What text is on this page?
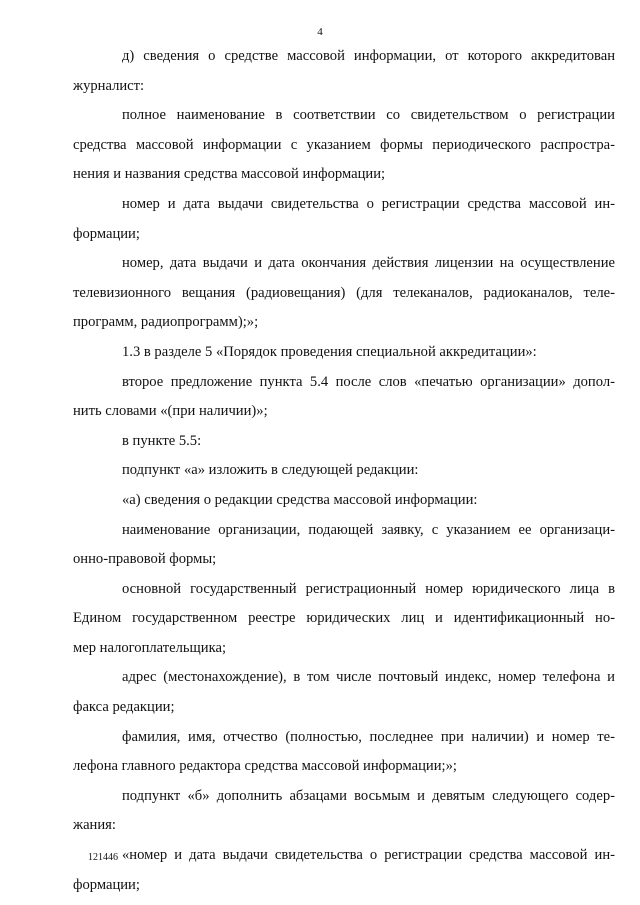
4
д) сведения о средстве массовой информации, от которого аккредитован
журналист:
полное наименование в соответствии со свидетельством о регистрации
средства массовой информации с указанием формы периодического распростра-
нения и названия средства массовой информации;
номер и дата выдачи свидетельства о регистрации средства массовой ин-
формации;
номер, дата выдачи и дата окончания действия лицензии на осуществление
телевизионного вещания (радиовещания) (для телеканалов, радиоканалов, теле-
программ, радиопрограмм);»;
1.3 в разделе 5 «Порядок проведения специальной аккредитации»:
второе предложение пункта 5.4 после слов «печатью организации» допол-
нить словами «(при наличии)»;
в пункте 5.5:
подпункт «а» изложить в следующей редакции:
«а) сведения о редакции средства массовой информации:
наименование организации, подающей заявку, с указанием ее организаци-
онно-правовой формы;
основной государственный регистрационный номер юридического лица в
Едином государственном реестре юридических лиц и идентификационный но-
мер налогоплательщика;
адрес (местонахождение), в том числе почтовый индекс, номер телефона и
факса редакции;
фамилия, имя, отчество (полностью, последнее при наличии) и номер те-
лефона главного редактора средства массовой информации;»;
подпункт «б» дополнить абзацами восьмым и девятым следующего содер-
жания:
«номер и дата выдачи свидетельства о регистрации средства массовой ин-
формации;
121446
